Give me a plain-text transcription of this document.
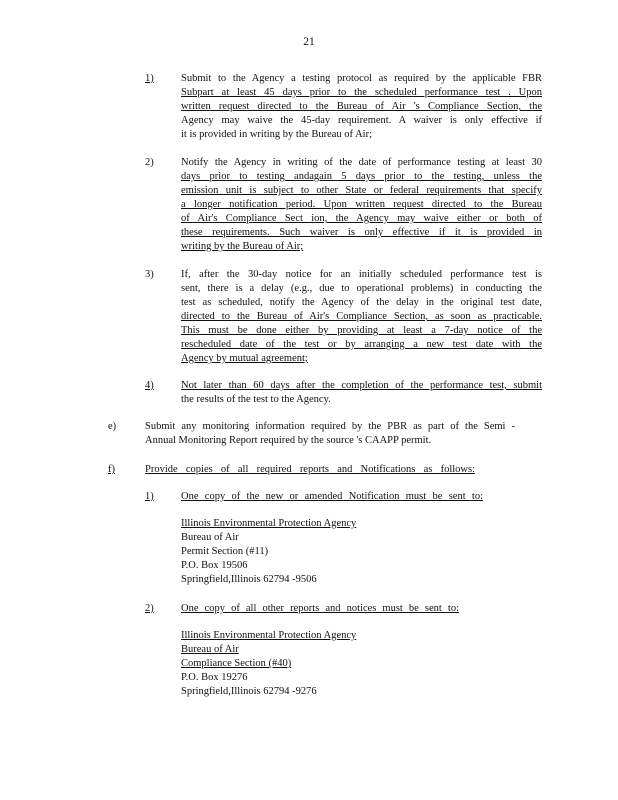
21
1)	Submit to the Agency a testing protocol as required by the applicable FBR
Subpart at least 45 days prior to the scheduled performance test . Upon
written request directed to the Bureau of Air 's Compliance Section, the
Agency may waive the 45-day requirement. A waiver is only effective if
it is provided in writing by the Bureau of Air;
2)	Notify the Agency in writing of the date of performance testing at least 30
days prior to testing andagain 5 days prior to the testing, unless the
emission unit is subject to other State or federal requirements that specify
a longer notification period. Upon written request directed to the Bureau
of Air's Compliance Sect ion, the Agency may waive either or both of
these requirements. Such waiver is only effective if it is provided in
writing by the Bureau of Air;
3)	If, after the 30-day notice for an initially scheduled performance test is
sent, there is a delay (e.g., due to operational problems) in conducting the
test as scheduled, notify the Agency of the delay in the original test date,
directed to the Bureau of Air's Compliance Section, as soon as practicable.
This must be done either by providing at least a 7-day notice of the
rescheduled date of the test or by arranging a new test date with the
Agency by mutual agreement;
4)	Not later than 60 days after the completion of the performance test, submit
the results of the test to the Agency.
e)	Submit any monitoring information required by the PBR as part of the Semi -
Annual Monitoring Report required by the source 's CAAPP permit.
f)	Provide copies of all required reports and Notifications as follows:
1)	One copy of the new or amended Notification must be sent to:
Illinois Environmental Protection Agency
Bureau of Air
Permit Section (#11)
P.O. Box 19506
Springfield,Illinois 62794 -9506
2)	One copy of all other reports and notices must be sent to:
Illinois Environmental Protection Agency
Bureau of Air
Compliance Section (#40)
P.O. Box 19276
Springfield,Illinois 62794 -9276
